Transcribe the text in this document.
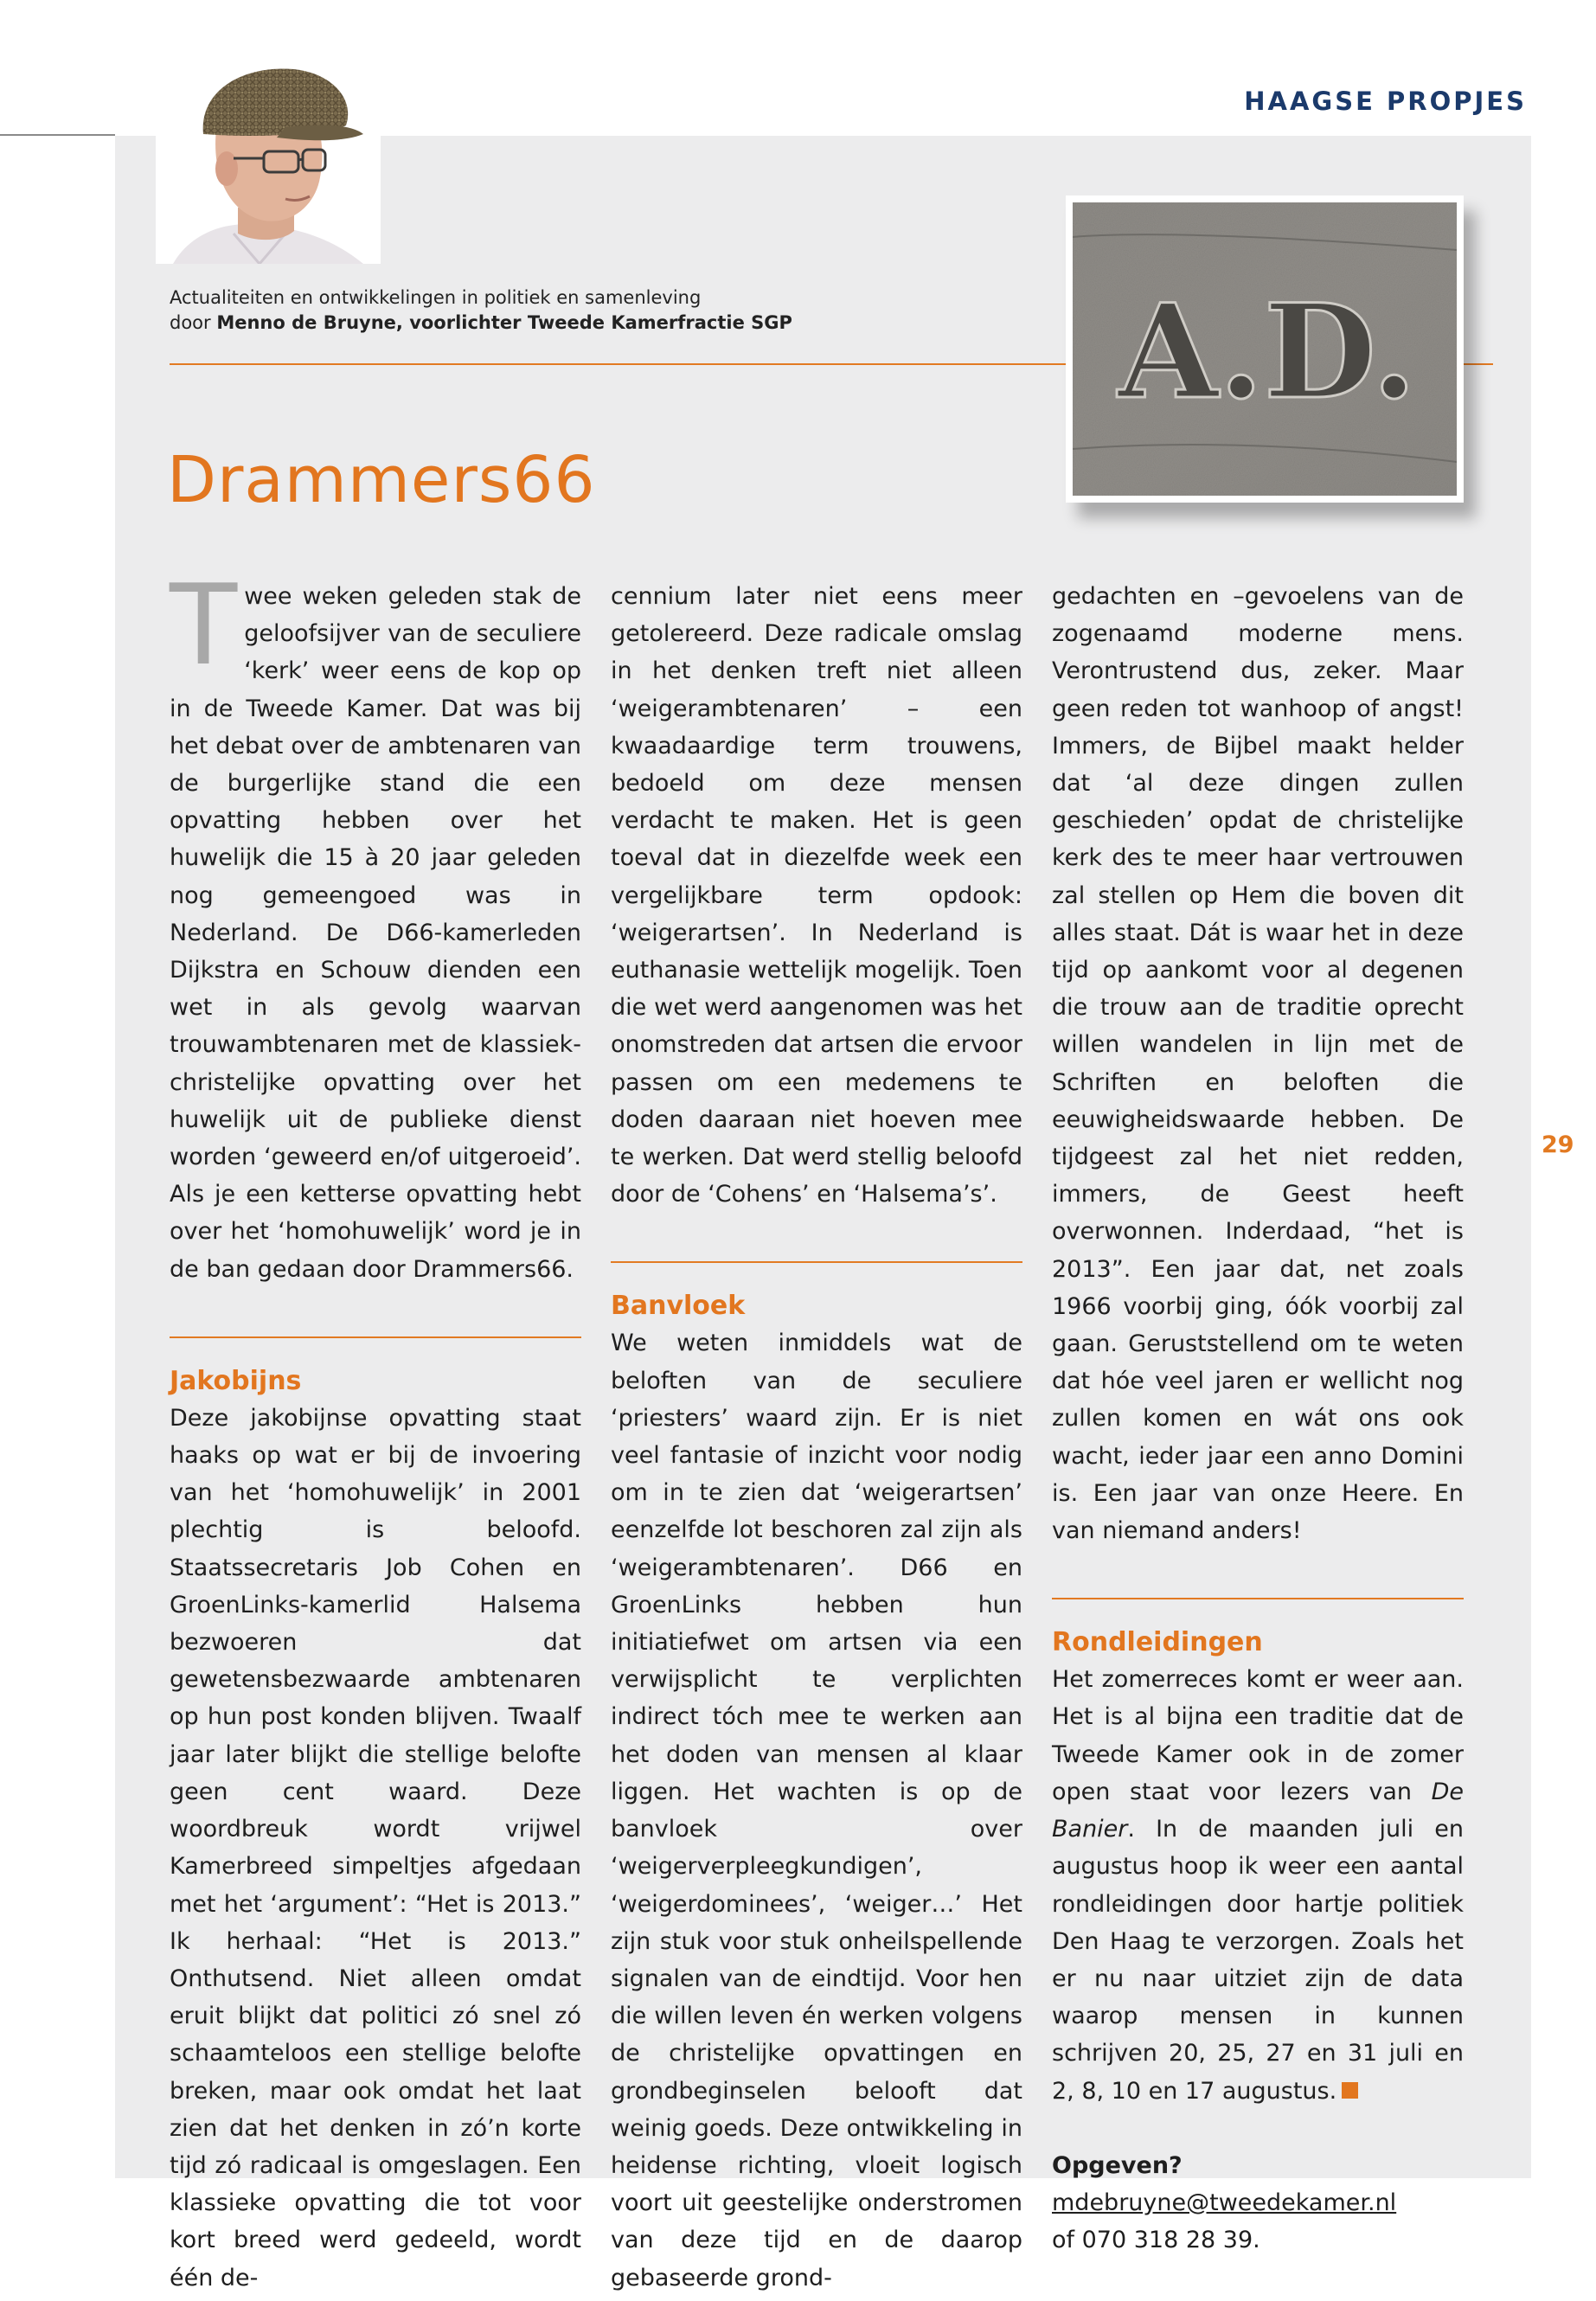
HAAGSE PROPJES
Actualiteiten en ontwikkelingen in politiek en samenleving
door Menno de Bruyne, voorlichter Tweede Kamerfractie SGP	A.D.
Drammers66

Twee weken geleden stak de geloofsijver van de seculiere ‘kerk’ weer eens de kop op in de Tweede Kamer. Dat was bij het debat over de ambtenaren van de burgerlijke stand die een opvatting hebben over het huwelijk die 15 à 20 jaar geleden nog gemeengoed was in Nederland. De D66-kamerleden Dijkstra en Schouw dienden een wet in als gevolg waarvan trouwambtenaren met de klassiek-christelijke opvatting over het huwelijk uit de publieke dienst worden ‘geweerd en/of uitgeroeid’. Als je een ketterse opvatting hebt over het ‘homohuwelijk’ word je in de ban gedaan door Drammers66.

Jakobijns

Deze jakobijnse opvatting staat haaks op wat er bij de invoering van het ‘homohuwelijk’ in 2001 plechtig is beloofd. Staatssecretaris Job Cohen en GroenLinks-kamerlid Halsema bezwoeren dat gewetensbezwaarde ambtenaren op hun post konden blijven. Twaalf jaar later blijkt die stellige belofte geen cent waard. Deze woordbreuk wordt vrijwel Kamerbreed simpeltjes afgedaan met het ‘argument’: “Het is 2013.” Ik herhaal: “Het is 2013.” Onthutsend. Niet alleen omdat eruit blijkt dat politici zó snel zó schaamteloos een stellige belofte breken, maar ook omdat het laat zien dat het denken in zó’n korte tijd zó radicaal is omgeslagen. Een klassieke opvatting die tot voor kort breed werd gedeeld, wordt één de-

cennium later niet eens meer getolereerd. Deze radicale omslag in het denken treft niet alleen ‘weigerambtenaren’ – een kwaadaardige term trouwens, bedoeld om deze mensen verdacht te maken. Het is geen toeval dat in diezelfde week een vergelijkbare term opdook: ‘weigerartsen’. In Nederland is euthanasie wettelijk mogelijk. Toen die wet werd aangenomen was het onomstreden dat artsen die ervoor passen om een medemens te doden daaraan niet hoeven mee te werken. Dat werd stellig beloofd door de ‘Cohens’ en ‘Halsema’s’.

Banvloek

We weten inmiddels wat de beloften van de seculiere ‘priesters’ waard zijn. Er is niet veel fantasie of inzicht voor nodig om in te zien dat ‘weigerartsen’ eenzelfde lot beschoren zal zijn als ‘weigerambtenaren’. D66 en GroenLinks hebben hun initiatiefwet om artsen via een verwijsplicht te verplichten indirect tóch mee te werken aan het doden van mensen al klaar liggen. Het wachten is op de banvloek over ‘weigerverpleegkundigen’, ‘weigerdominees’, ‘weiger…’ Het zijn stuk voor stuk onheilspellende signalen van de eindtijd. Voor hen die willen leven én werken volgens de christelijke opvattingen en grondbeginselen belooft dat weinig goeds. Deze ontwikkeling in heidense richting, vloeit logisch voort uit geestelijke onderstromen van deze tijd en de daarop gebaseerde grond-

gedachten en –gevoelens van de zogenaamd moderne mens. Verontrustend dus, zeker. Maar geen reden tot wanhoop of angst! Immers, de Bijbel maakt helder dat ‘al deze dingen zullen geschieden’ opdat de christelijke kerk des te meer haar vertrouwen zal stellen op Hem die boven dit alles staat. Dát is waar het in deze tijd op aankomt voor al degenen die trouw aan de traditie oprecht willen wandelen in lijn met de Schriften en beloften die eeuwigheidswaarde hebben. De tijdgeest zal het niet redden, immers, de Geest heeft overwonnen. Inderdaad, “het is 2013”. Een jaar dat, net zoals 1966 voorbij ging, óók voorbij zal gaan. Geruststellend om te weten dat hóe veel jaren er wellicht nog zullen komen en wát ons ook wacht, ieder jaar een anno Domini is. Een jaar van onze Heere. En van niemand anders!

Rondleidingen

Het zomerreces komt er weer aan. Het is al bijna een traditie dat de Tweede Kamer ook in de zomer open staat voor lezers van De Banier. In de maanden juli en augustus hoop ik weer een aantal rondleidingen door hartje politiek Den Haag te verzorgen. Zoals het er nu naar uitziet zijn de data waarop mensen in kunnen schrijven 20, 25, 27 en 31 juli en 2, 8, 10 en 17 augustus.

Opgeven?
mdebruyne@tweedekamer.nl
of 070 318 28 39.
29
